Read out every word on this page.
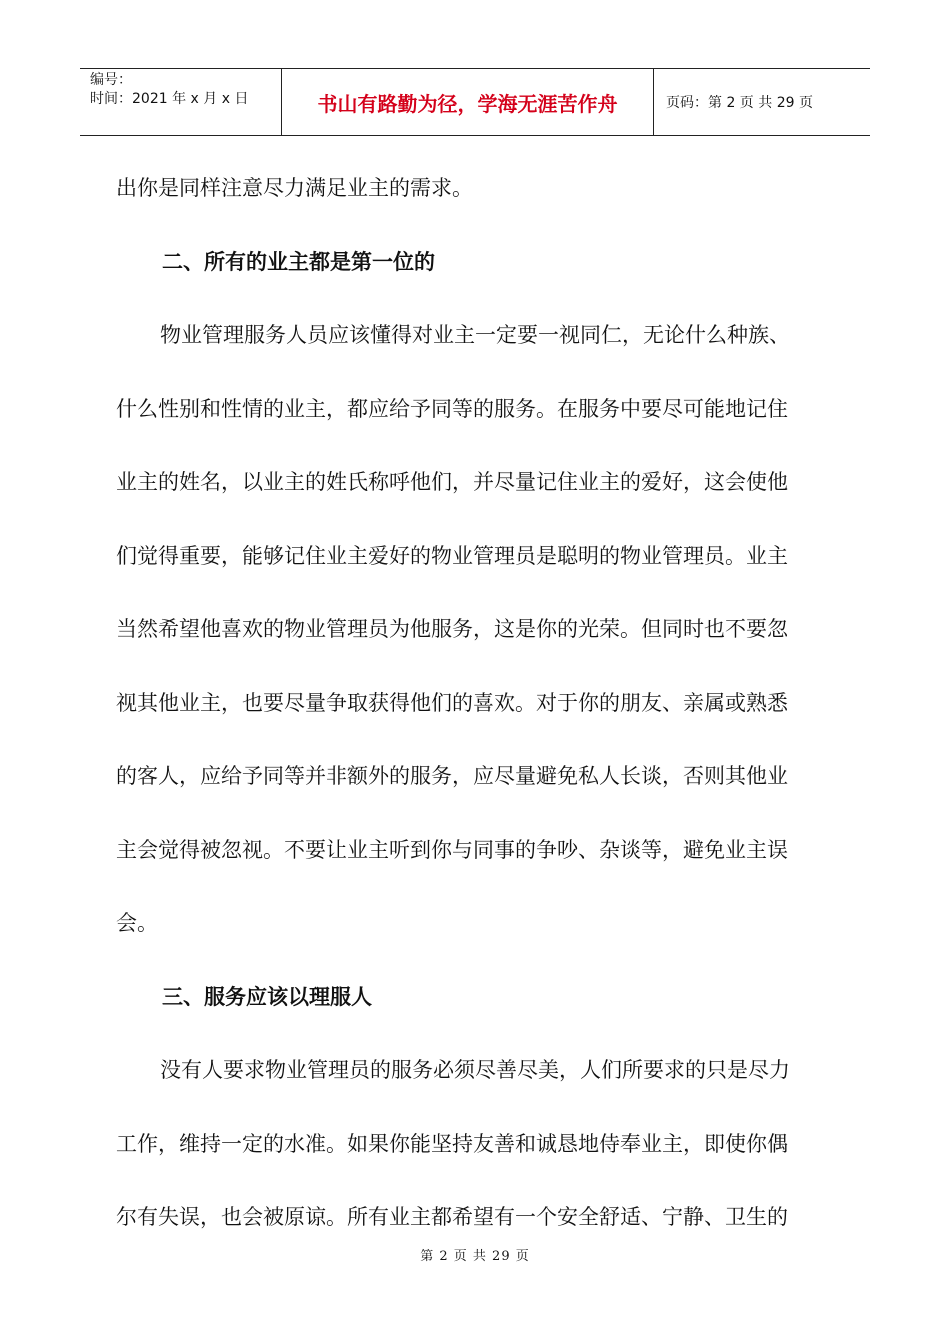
编号：
时间：2021 年 x 月 x 日	书山有路勤为径，学海无涯苦作舟	页码：第 2 页 共 29 页
出你是同样注意尽力满足业主的需求。
二、所有的业主都是第一位的
物业管理服务人员应该懂得对业主一定要一视同仁，无论什么种族、
什么性别和性情的业主，都应给予同等的服务。在服务中要尽可能地记住
业主的姓名，以业主的姓氏称呼他们，并尽量记住业主的爱好，这会使他
们觉得重要，能够记住业主爱好的物业管理员是聪明的物业管理员。业主
当然希望他喜欢的物业管理员为他服务，这是你的光荣。但同时也不要忽
视其他业主，也要尽量争取获得他们的喜欢。对于你的朋友、亲属或熟悉
的客人，应给予同等并非额外的服务，应尽量避免私人长谈，否则其他业
主会觉得被忽视。不要让业主听到你与同事的争吵、杂谈等，避免业主误
会。
三、服务应该以理服人
没有人要求物业管理员的服务必须尽善尽美，人们所要求的只是尽力
工作，维持一定的水准。如果你能坚持友善和诚恳地侍奉业主，即使你偶
尔有失误，也会被原谅。所有业主都希望有一个安全舒适、宁静、卫生的
第 2 页 共 29 页
